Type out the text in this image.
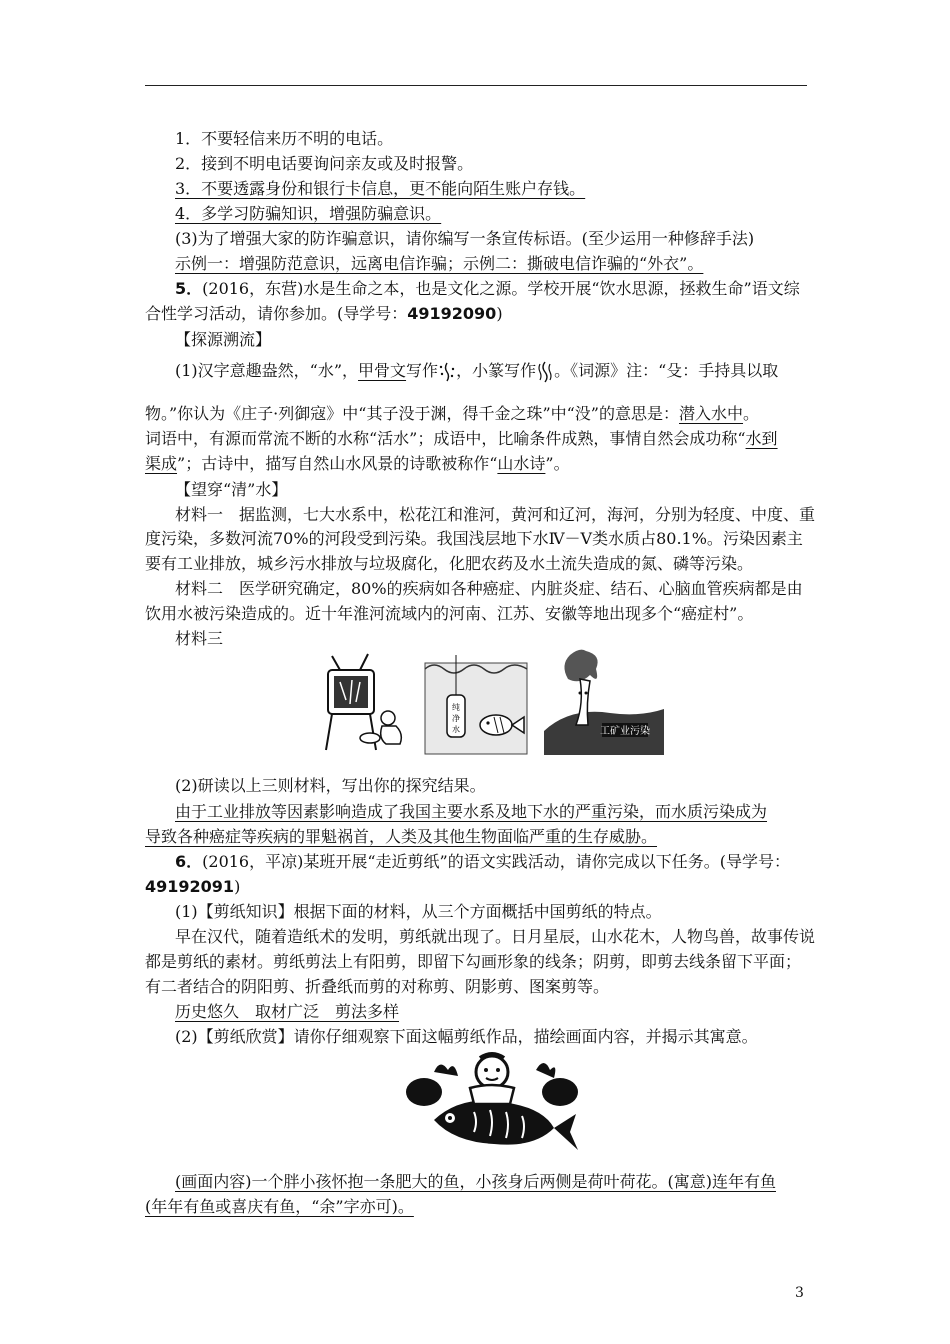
1．不要轻信来历不明的电话。
2．接到不明电话要询问亲友或及时报警。
3．不要透露身份和银行卡信息，更不能向陌生账户存钱。
4．多学习防骗知识，增强防骗意识。
(3)为了增强大家的防诈骗意识，请你编写一条宣传标语。(至少运用一种修辞手法)
示例一：增强防范意识，远离电信诈骗；示例二：撕破电信诈骗的“外衣”。
5．(2016，东营)水是生命之本，也是文化之源。学校开展“饮水思源，拯救生命”语文综
合性学习活动，请你参加。(导学号：49192090)
【探源溯流】
(1)汉字意趣盎然，“水”，甲骨文写作 ，小篆写作 。《词源》注：“殳：手持具以取
物。”你认为《庄子·列御寇》中“其子没于渊，得千金之珠”中“没”的意思是：潜入水中。
词语中，有源而常流不断的水称“活水”；成语中，比喻条件成熟，事情自然会成功称“水到
渠成”；古诗中，描写自然山水风景的诗歌被称作“山水诗”。
【望穿“清”水】
材料一　据监测，七大水系中，松花江和淮河，黄河和辽河，海河，分别为轻度、中度、重
度污染，多数河流70%的河段受到污染。我国浅层地下水Ⅳ－Ⅴ类水质占80.1%。污染因素主
要有工业排放，城乡污水排放与垃圾腐化，化肥农药及水土流失造成的氮、磷等污染。
材料二　医学研究确定，80%的疾病如各种癌症、内脏炎症、结石、心脑血管疾病都是由
饮用水被污染造成的。近十年淮河流域内的河南、江苏、安徽等地出现多个“癌症村”。
材料三
纯
净
水	工矿业污染
(2)研读以上三则材料，写出你的探究结果。
由于工业排放等因素影响造成了我国主要水系及地下水的严重污染，而水质污染成为
导致各种癌症等疾病的罪魁祸首，人类及其他生物面临严重的生存威胁。
6．(2016，平凉)某班开展“走近剪纸”的语文实践活动，请你完成以下任务。(导学号：
49192091)
(1)【剪纸知识】根据下面的材料，从三个方面概括中国剪纸的特点。
早在汉代，随着造纸术的发明，剪纸就出现了。日月星辰，山水花木，人物鸟兽，故事传说
都是剪纸的素材。剪纸剪法上有阳剪，即留下勾画形象的线条；阴剪，即剪去线条留下平面；
有二者结合的阴阳剪、折叠纸而剪的对称剪、阴影剪、图案剪等。
历史悠久　取材广泛　剪法多样
(2)【剪纸欣赏】请你仔细观察下面这幅剪纸作品，描绘画面内容，并揭示其寓意。
(画面内容)一个胖小孩怀抱一条肥大的鱼，小孩身后两侧是荷叶荷花。(寓意)连年有鱼
(年年有鱼或喜庆有鱼，“余”字亦可)。
3
